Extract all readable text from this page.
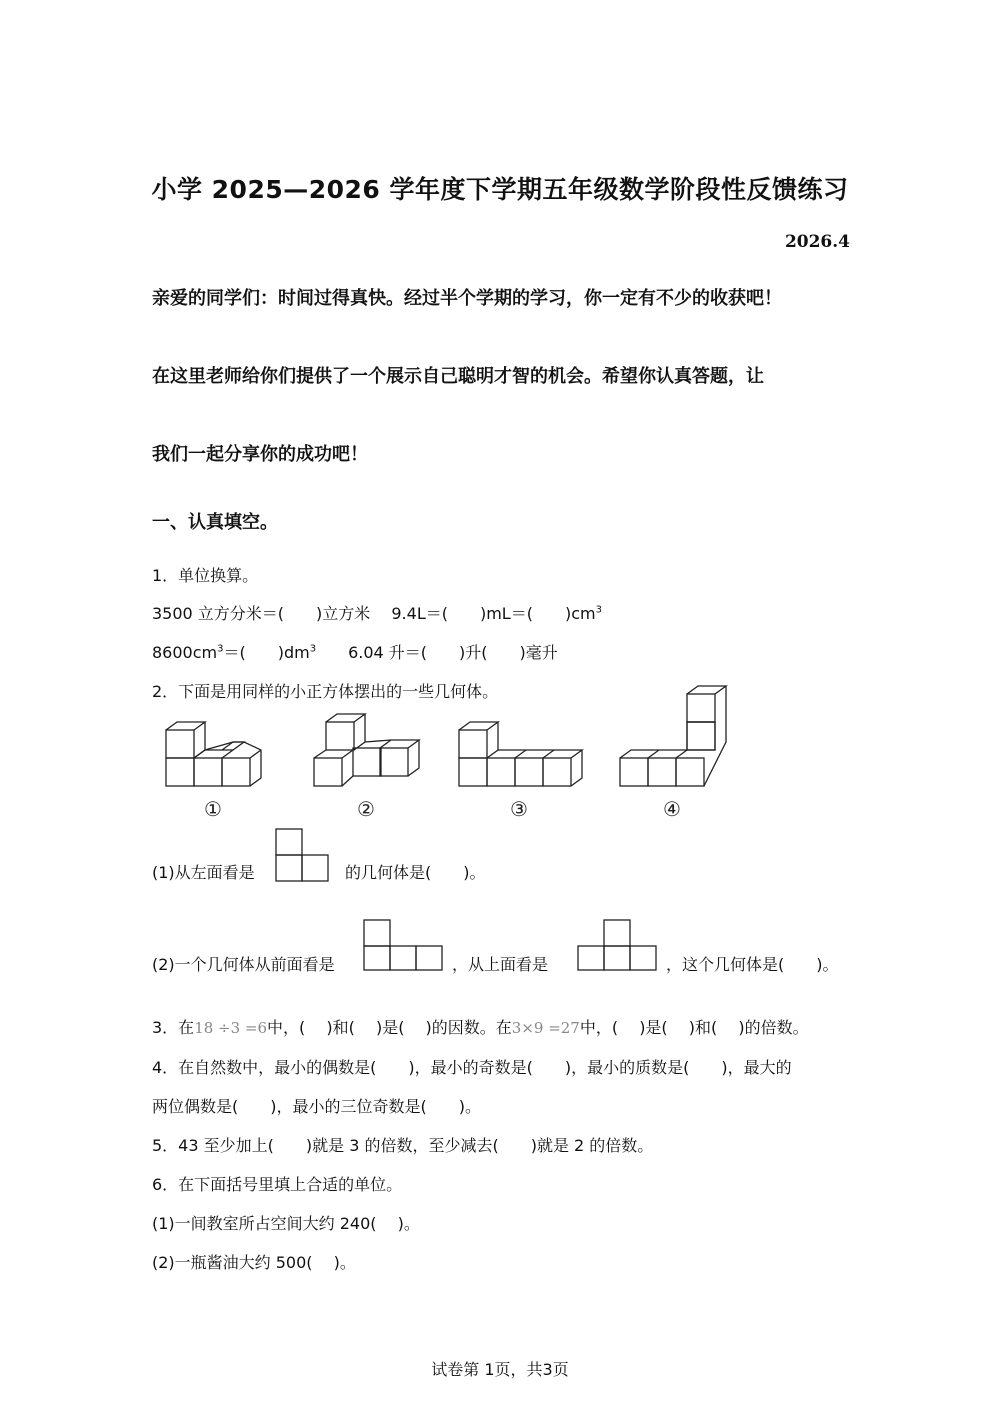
小学 2025—2026 学年度下学期五年级数学阶段性反馈练习
2026.4
亲爱的同学们：时间过得真快。经过半个学期的学习，你一定有不少的收获吧！
在这里老师给你们提供了一个展示自己聪明才智的机会。希望你认真答题，让
我们一起分享你的成功吧！
一、认真填空。
1．单位换算。
3500 立方分米＝(　　)立方米　 9.4L＝(　　)mL＝(　　)$cm^3$
$8600cm^3=$(　　)$dm^3$　　6.04 升＝(　　)升(　　)毫升
2．下面是用同样的小正方体摆出的一些几何体。
①	②	③	④
(1)从左面看是	的几何体是(　　)。
(2)一个几何体从前面看是	，从上面看是	，这个几何体是(　　)。
3．在18 ÷3 =6中，(　 )和(　 )是(　 )的因数。在3×9 =27中，(　 )是(　 )和(　 )的倍数。
4．在自然数中，最小的偶数是(　　)，最小的奇数是(　　)，最小的质数是(　　)，最大的
两位偶数是(　　)，最小的三位奇数是(　　)。
5．43 至少加上(　　)就是 3 的倍数，至少减去(　　)就是 2 的倍数。
6．在下面括号里填上合适的单位。
(1)一间教室所占空间大约 240(　 )。
(2)一瓶酱油大约 500(　 )。
试卷第 1页，共3页
